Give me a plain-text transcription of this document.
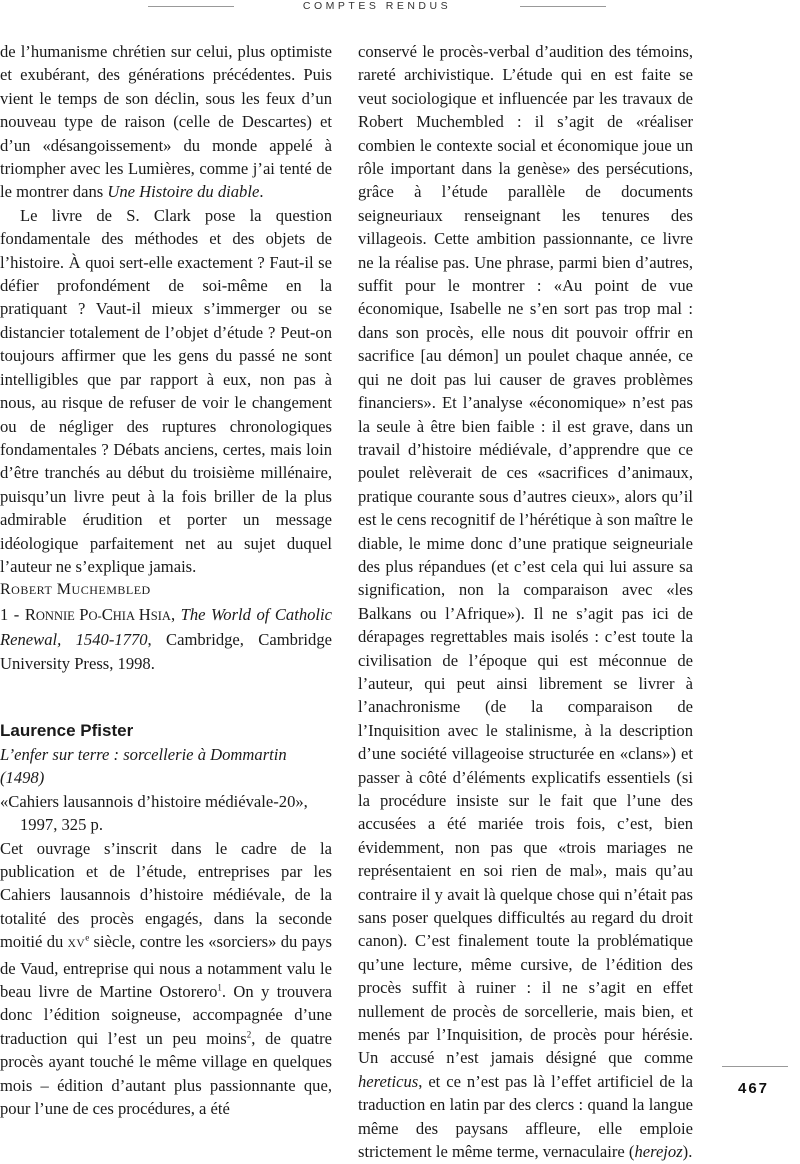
COMPTES RENDUS

de l’humanisme chrétien sur celui, plus optimiste et exubérant, des générations précédentes. Puis vient le temps de son déclin, sous les feux d’un nouveau type de raison (celle de Descartes) et d’un «désangoissement» du monde appelé à triompher avec les Lumières, comme j’ai tenté de le montrer dans Une Histoire du diable.

Le livre de S. Clark pose la question fondamentale des méthodes et des objets de l’histoire. À quoi sert-elle exactement ? Faut-il se défier profondément de soi-même en la pratiquant ? Vaut-il mieux s’immerger ou se distancier totalement de l’objet d’étude ? Peut-on toujours affirmer que les gens du passé ne sont intelligibles que par rapport à eux, non pas à nous, au risque de refuser de voir le changement ou de négliger des ruptures chronologiques fondamentales ? Débats anciens, certes, mais loin d’être tranchés au début du troisième millénaire, puisqu’un livre peut à la fois briller de la plus admirable érudition et porter un message idéologique parfaitement net au sujet duquel l’auteur ne s’explique jamais.

ROBERT MUCHEMBLED

1 - RONNIE PO-CHIA HSIA, The World of Catholic Renewal, 1540-1770, Cambridge, Cambridge University Press, 1998.

Laurence Pfister
L’enfer sur terre : sorcellerie à Dommartin (1498)
«Cahiers lausannois d’histoire médiévale-20», 1997, 325 p.

Cet ouvrage s’inscrit dans le cadre de la publication et de l’étude, entreprises par les Cahiers lausannois d’histoire médiévale, de la totalité des procès engagés, dans la seconde moitié du XVe siècle, contre les «sorciers» du pays de Vaud, entreprise qui nous a notamment valu le beau livre de Martine Ostorero$^1$. On y trouvera donc l’édition soigneuse, accompagnée d’une traduction qui l’est un peu moins$^2$, de quatre procès ayant touché le même village en quelques mois – édition d’autant plus passionnante que, pour l’une de ces procédures, a été

conservé le procès-verbal d’audition des témoins, rareté archivistique. L’étude qui en est faite se veut sociologique et influencée par les travaux de Robert Muchembled : il s’agit de «réaliser combien le contexte social et économique joue un rôle important dans la genèse» des persécutions, grâce à l’étude parallèle de documents seigneuriaux renseignant les tenures des villageois. Cette ambition passionnante, ce livre ne la réalise pas. Une phrase, parmi bien d’autres, suffit pour le montrer : «Au point de vue économique, Isabelle ne s’en sort pas trop mal : dans son procès, elle nous dit pouvoir offrir en sacrifice [au démon] un poulet chaque année, ce qui ne doit pas lui causer de graves problèmes financiers». Et l’analyse «économique» n’est pas la seule à être bien faible : il est grave, dans un travail d’histoire médiévale, d’apprendre que ce poulet relèverait de ces «sacrifices d’animaux, pratique courante sous d’autres cieux», alors qu’il est le cens recognitif de l’hérétique à son maître le diable, le mime donc d’une pratique seigneuriale des plus répandues (et c’est cela qui lui assure sa signification, non la comparaison avec «les Balkans ou l’Afrique»). Il ne s’agit pas ici de dérapages regrettables mais isolés : c’est toute la civilisation de l’époque qui est méconnue de l’auteur, qui peut ainsi librement se livrer à l’anachronisme (de la comparaison de l’Inquisition avec le stalinisme, à la description d’une société villageoise structurée en «clans») et passer à côté d’éléments explicatifs essentiels (si la procédure insiste sur le fait que l’une des accusées a été mariée trois fois, c’est, bien évidemment, non pas que «trois mariages ne représentaient en soi rien de mal», mais qu’au contraire il y avait là quelque chose qui n’était pas sans poser quelques difficultés au regard du droit canon). C’est finalement toute la problématique qu’une lecture, même cursive, de l’édition des procès suffit à ruiner : il ne s’agit en effet nullement de procès de sorcellerie, mais bien, et menés par l’Inquisition, de procès pour hérésie. Un accusé n’est jamais désigné que comme hereticus, et ce n’est pas là l’effet artificiel de la traduction en latin par des clercs : quand la langue même des paysans affleure, elle emploie strictement le même terme, vernaculaire (herejoz).

467
